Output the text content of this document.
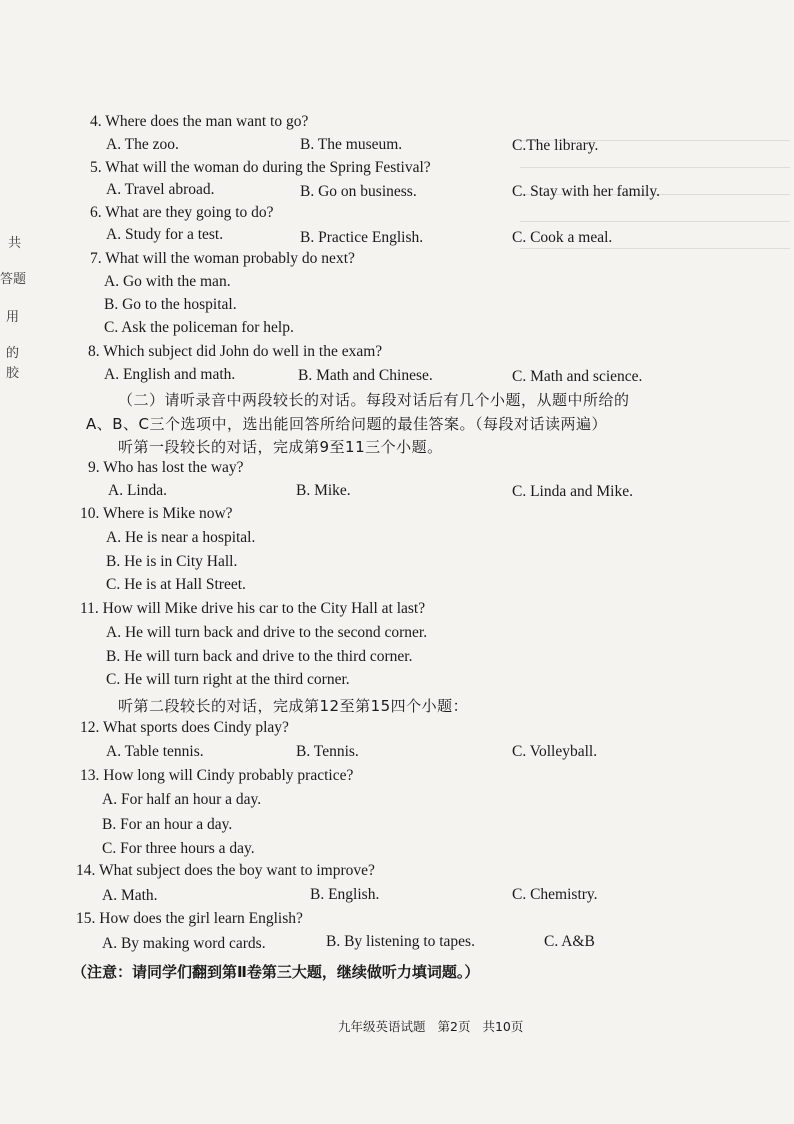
共
答题
用
的
胶
4. Where does the man want to go?
A. The zoo.	B. The museum.	C.The library.
5. What will the woman do during the Spring Festival?
A. Travel abroad.	B. Go on business.	C. Stay with her family.
6. What are they going to do?
A. Study for a test.	B. Practice English.	C. Cook a meal.
7. What will the woman probably do next?
A. Go with the man.
B. Go to the hospital.
C. Ask the policeman for help.
8. Which subject did John do well in the exam?
A. English and math.	B. Math and Chinese.	C. Math and science.
（二）请听录音中两段较长的对话。每段对话后有几个小题，从题中所给的
A、B、C三个选项中，选出能回答所给问题的最佳答案。（每段对话读两遍）
听第一段较长的对话，完成第9至11三个小题。
9. Who has lost the way?
A. Linda.	B. Mike.	C. Linda and Mike.
10. Where is Mike now?
A. He is near a hospital.
B. He is in City Hall.
C. He is at Hall Street.
11. How will Mike drive his car to the City Hall at last?
A. He will turn back and drive to the second corner.
B. He will turn back and drive to the third corner.
C. He will turn right at the third corner.
听第二段较长的对话，完成第12至第15四个小题：
12. What sports does Cindy play?
A. Table tennis.	B. Tennis.	C. Volleyball.
13. How long will Cindy probably practice?
A. For half an hour a day.
B. For an hour a day.
C. For three hours a day.
14. What subject does the boy want to improve?
A. Math.	B. English.	C. Chemistry.
15. How does the girl learn English?
A. By making word cards.	B. By listening to tapes.	C. A&B
（注意：请同学们翻到第Ⅱ卷第三大题，继续做听力填词题。）
九年级英语试题 第2页 共10页
